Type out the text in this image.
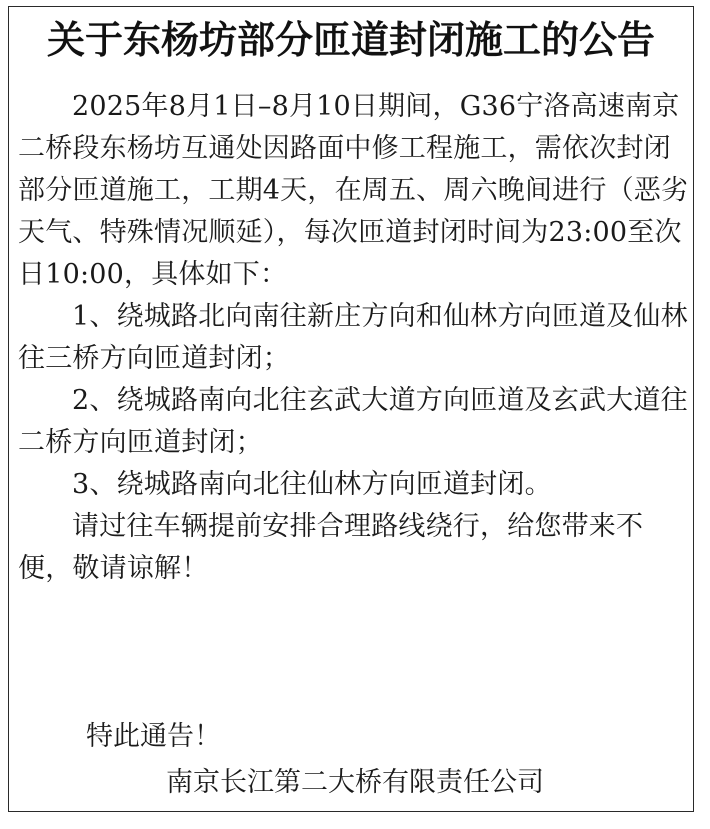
关于东杨坊部分匝道封闭施工的公告

2025年8月1日–8月10日期间，G36宁洛高速南京二桥段东杨坊互通处因路面中修工程施工，需依次封闭部分匝道施工，工期4天，在周五、周六晚间进行（恶劣天气、特殊情况顺延），每次匝道封闭时间为23:00至次日10:00，具体如下：

1、绕城路北向南往新庄方向和仙林方向匝道及仙林往三桥方向匝道封闭；

2、绕城路南向北往玄武大道方向匝道及玄武大道往二桥方向匝道封闭；

3、绕城路南向北往仙林方向匝道封闭。

请过往车辆提前安排合理路线绕行，给您带来不便，敬请谅解！

特此通告！
南京长江第二大桥有限责任公司
